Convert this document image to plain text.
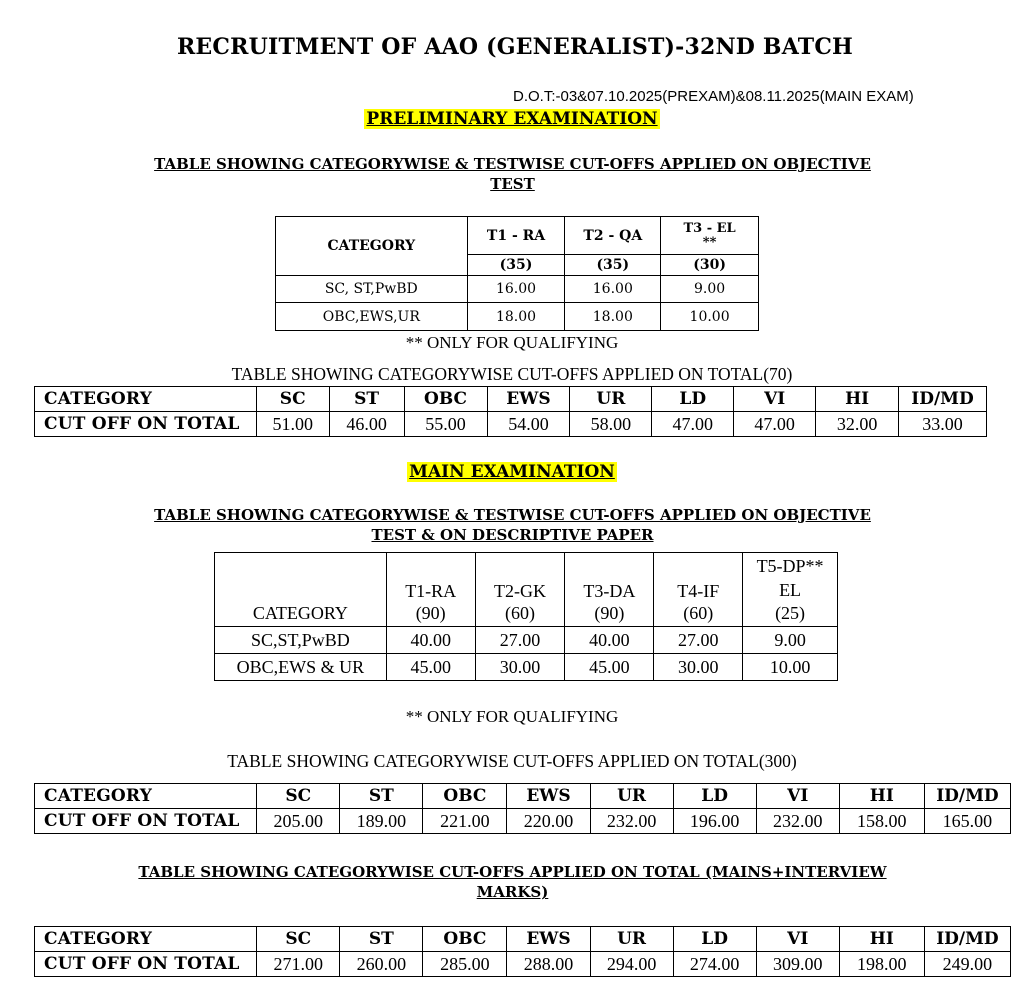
RECRUITMENT OF AAO (GENERALIST)-32ND BATCH
D.O.T:-03&07.10.2025(PREXAM)&08.11.2025(MAIN EXAM)
PRELIMINARY EXAMINATION
TABLE SHOWING CATEGORYWISE & TESTWISE CUT-OFFS APPLIED ON OBJECTIVE
TEST
CATEGORY	T1 - RA	T2 - QA	T3 - EL
**

	(35)	(35)	(30)
SC, ST,PwBD	16.00	16.00	9.00
OBC,EWS,UR	18.00	18.00	10.00
** ONLY FOR QUALIFYING
TABLE SHOWING CATEGORYWISE CUT-OFFS APPLIED ON TOTAL(70)
CATEGORY	SC	ST	OBC	EWS	UR	LD	VI	HI	ID/MD
CUT OFF ON TOTAL	51.00	46.00	55.00	54.00	58.00	47.00	47.00	32.00	33.00
MAIN EXAMINATION
TABLE SHOWING CATEGORYWISE & TESTWISE CUT-OFFS APPLIED ON OBJECTIVE
TEST & ON DESCRIPTIVE PAPER
CATEGORY	T1-RA	T2-GK	T3-DA	T4-IF	T5-DP**
EL

	(90)	(60)	(90)	(60)	(25)
SC,ST,PwBD	40.00	27.00	40.00	27.00	9.00
OBC,EWS & UR	45.00	30.00	45.00	30.00	10.00
** ONLY FOR QUALIFYING
TABLE SHOWING CATEGORYWISE CUT-OFFS APPLIED ON TOTAL(300)
CATEGORY	SC	ST	OBC	EWS	UR	LD	VI	HI	ID/MD
CUT OFF ON TOTAL	205.00	189.00	221.00	220.00	232.00	196.00	232.00	158.00	165.00
TABLE SHOWING CATEGORYWISE CUT-OFFS APPLIED ON TOTAL (MAINS+INTERVIEW
MARKS)
CATEGORY	SC	ST	OBC	EWS	UR	LD	VI	HI	ID/MD
CUT OFF ON TOTAL	271.00	260.00	285.00	288.00	294.00	274.00	309.00	198.00	249.00
